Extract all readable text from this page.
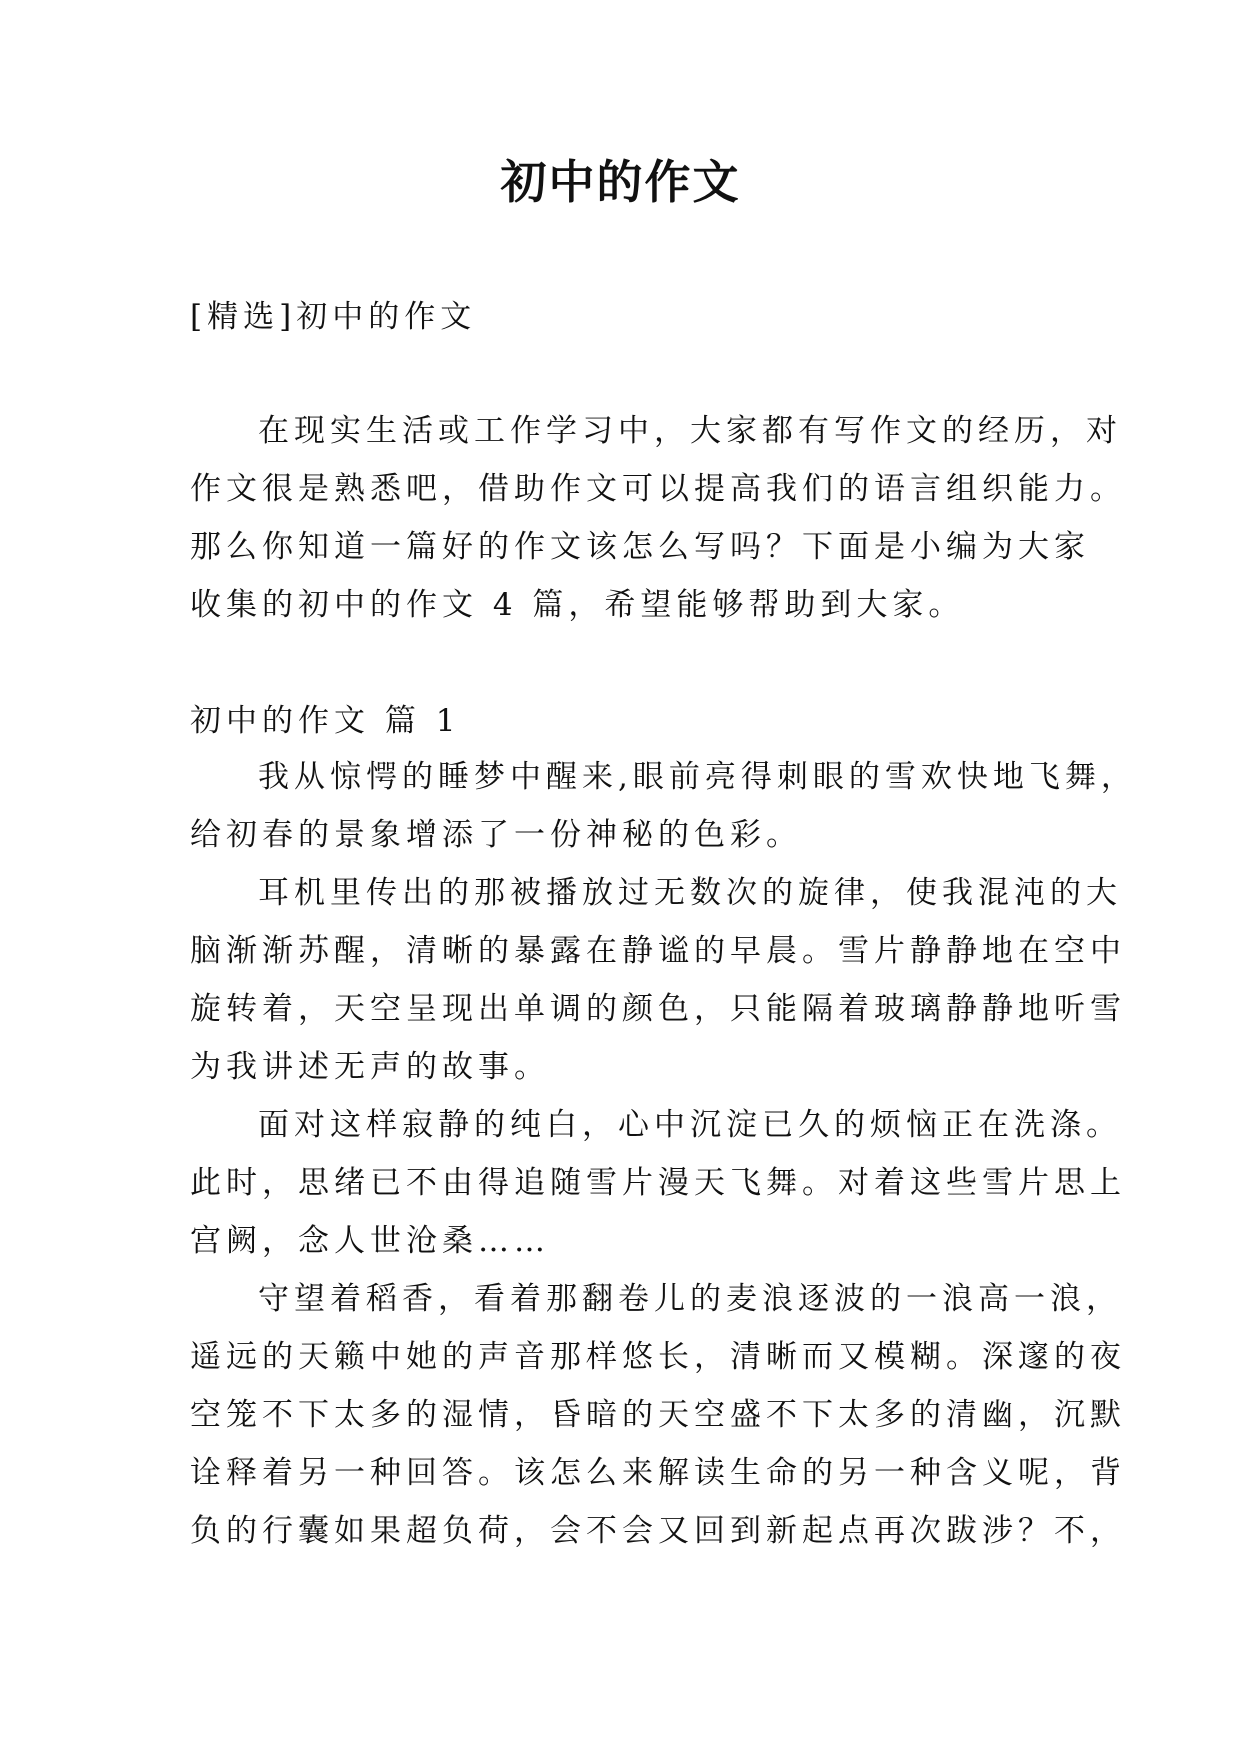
初中的作文

[精选]初中的作文

在现实生活或工作学习中，大家都有写作文的经历，对
作文很是熟悉吧，借助作文可以提高我们的语言组织能力。
那么你知道一篇好的作文该怎么写吗？下面是小编为大家
收集的初中的作文 4 篇，希望能够帮助到大家。

初中的作文 篇 1

我从惊愕的睡梦中醒来,眼前亮得刺眼的雪欢快地飞舞，
给初春的景象增添了一份神秘的色彩。
耳机里传出的那被播放过无数次的旋律，使我混沌的大
脑渐渐苏醒，清晰的暴露在静谧的早晨。雪片静静地在空中
旋转着，天空呈现出单调的颜色，只能隔着玻璃静静地听雪
为我讲述无声的故事。
面对这样寂静的纯白，心中沉淀已久的烦恼正在洗涤。
此时，思绪已不由得追随雪片漫天飞舞。对着这些雪片思上
宫阙，念人世沧桑……
守望着稻香，看着那翻卷儿的麦浪逐波的一浪高一浪，
遥远的天籁中她的声音那样悠长，清晰而又模糊。深邃的夜
空笼不下太多的湿情，昏暗的天空盛不下太多的清幽，沉默
诠释着另一种回答。该怎么来解读生命的另一种含义呢，背
负的行囊如果超负荷，会不会又回到新起点再次跋涉？不，
